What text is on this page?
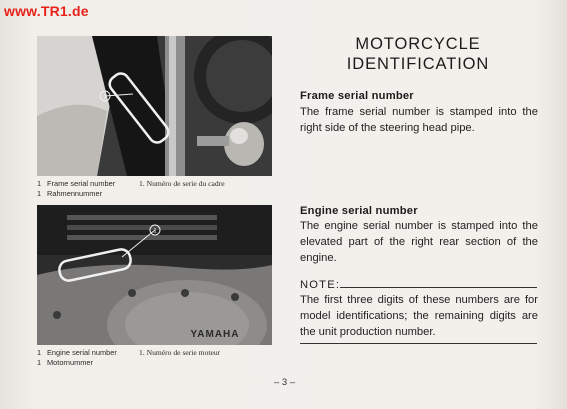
www.TR1.de
1
1 Frame serial number	1. Numéro de serie du cadre
1 Rahmennummer
YAMAHA
1
1 Engine serial number	1. Numéro de serie moteur
1 Motornummer
MOTORCYCLE
IDENTIFICATION
Frame serial number
The frame serial number is stamped into the right side of the steering head pipe.
Engine serial number
The engine serial number is stamped into the elevated part of the right rear section of the engine.
NOTE:
The first three digits of these numbers are for model identifications; the remaining digits are the unit production number.
– 3 –
